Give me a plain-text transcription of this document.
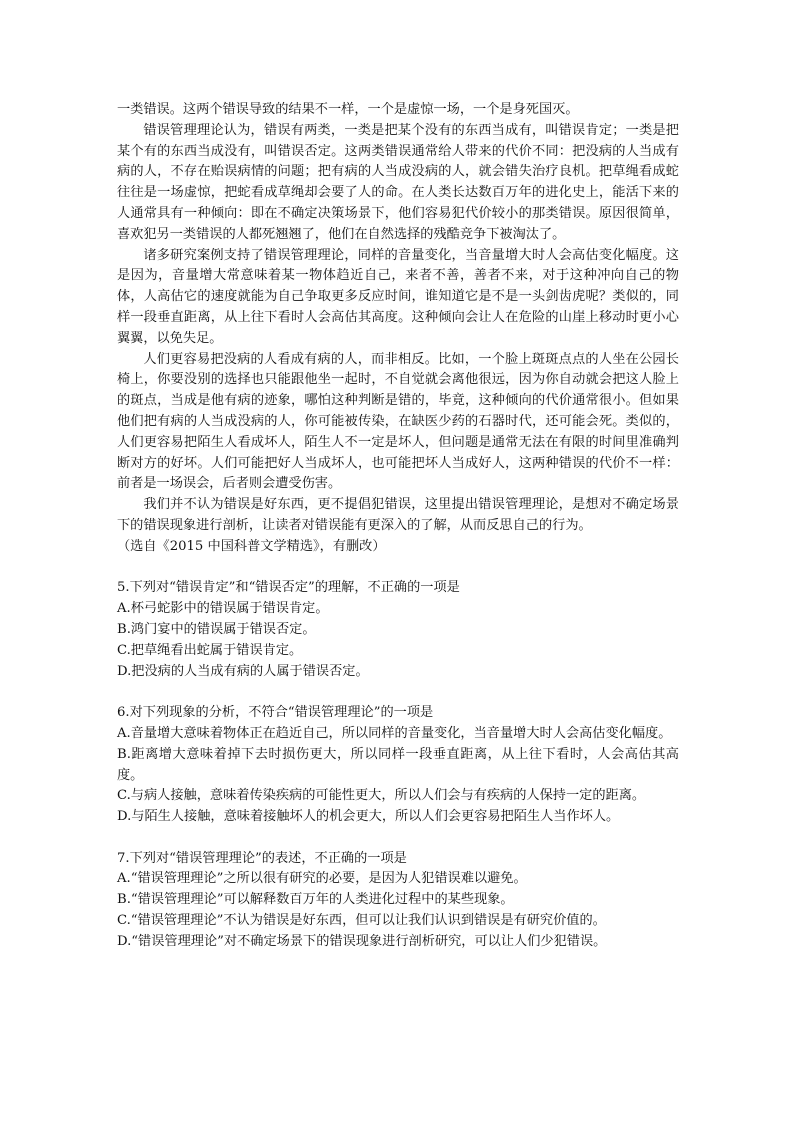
一类错误。这两个错误导致的结果不一样，一个是虚惊一场，一个是身死国灭。

错误管理理论认为，错误有两类，一类是把某个没有的东西当成有，叫错误肯定；一类是把某个有的东西当成没有，叫错误否定。这两类错误通常给人带来的代价不同：把没病的人当成有病的人，不存在贻误病情的问题；把有病的人当成没病的人，就会错失治疗良机。把草绳看成蛇往往是一场虚惊，把蛇看成草绳却会要了人的命。在人类长达数百万年的进化史上，能活下来的人通常具有一种倾向：即在不确定决策场景下，他们容易犯代价较小的那类错误。原因很简单，喜欢犯另一类错误的人都死翘翘了，他们在自然选择的残酷竞争下被淘汰了。

诸多研究案例支持了错误管理理论，同样的音量变化，当音量增大时人会高估变化幅度。这是因为，音量增大常意味着某一物体趋近自己，来者不善，善者不来，对于这种冲向自己的物体，人高估它的速度就能为自己争取更多反应时间，谁知道它是不是一头剑齿虎呢？类似的，同样一段垂直距离，从上往下看时人会高估其高度。这种倾向会让人在危险的山崖上移动时更小心翼翼，以免失足。

人们更容易把没病的人看成有病的人，而非相反。比如，一个脸上斑斑点点的人坐在公园长椅上，你要没别的选择也只能跟他坐一起时，不自觉就会离他很远，因为你自动就会把这人脸上的斑点，当成是他有病的迹象，哪怕这种判断是错的，毕竟，这种倾向的代价通常很小。但如果他们把有病的人当成没病的人，你可能被传染，在缺医少药的石器时代，还可能会死。类似的，人们更容易把陌生人看成坏人，陌生人不一定是坏人，但问题是通常无法在有限的时间里准确判断对方的好坏。人们可能把好人当成坏人，也可能把坏人当成好人，这两种错误的代价不一样：前者是一场误会，后者则会遭受伤害。

我们并不认为错误是好东西，更不提倡犯错误，这里提出错误管理理论，是想对不确定场景下的错误现象进行剖析，让读者对错误能有更深入的了解，从而反思自己的行为。

（选自《2015 中国科普文学精选》，有删改）

5.下列对“错误肯定”和“错误否定”的理解，不正确的一项是

A.杯弓蛇影中的错误属于错误肯定。

B.鸿门宴中的错误属于错误否定。

C.把草绳看出蛇属于错误肯定。

D.把没病的人当成有病的人属于错误否定。

6.对下列现象的分析，不符合“错误管理理论”的一项是

A.音量增大意味着物体正在趋近自己，所以同样的音量变化，当音量增大时人会高估变化幅度。

B.距离增大意味着掉下去时损伤更大，所以同样一段垂直距离，从上往下看时，人会高估其高度。

C.与病人接触，意味着传染疾病的可能性更大，所以人们会与有疾病的人保持一定的距离。

D.与陌生人接触，意味着接触坏人的机会更大，所以人们会更容易把陌生人当作坏人。

7.下列对“错误管理理论”的表述，不正确的一项是

A.“错误管理理论”之所以很有研究的必要，是因为人犯错误难以避免。

B.“错误管理理论”可以解释数百万年的人类进化过程中的某些现象。

C.“错误管理理论”不认为错误是好东西，但可以让我们认识到错误是有研究价值的。

D.“错误管理理论”对不确定场景下的错误现象进行剖析研究，可以让人们少犯错误。
